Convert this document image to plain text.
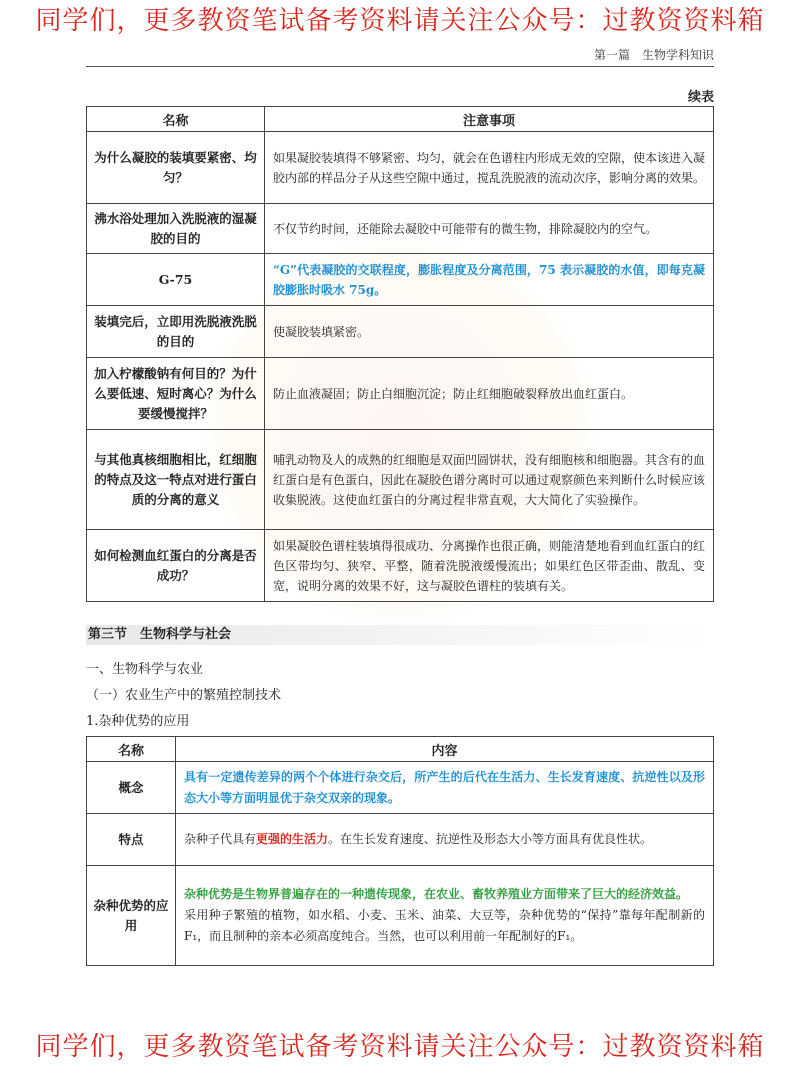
同学们，更多教资笔试备考资料请关注公众号：过教资资料箱
第一篇　生物学科知识
续表
名称	注意事项
为什么凝胶的装填要紧密、均匀？	如果凝胶装填得不够紧密、均匀，就会在色谱柱内形成无效的空隙，使本该进入凝胶内部的样品分子从这些空隙中通过，搅乱洗脱液的流动次序，影响分离的效果。
沸水浴处理加入洗脱液的湿凝胶的目的	不仅节约时间，还能除去凝胶中可能带有的微生物，排除凝胶内的空气。
G-75	“G”代表凝胶的交联程度，膨胀程度及分离范围，75 表示凝胶的水值，即每克凝胶膨胀时吸水 75g。
装填完后，立即用洗脱液洗脱的目的	使凝胶装填紧密。
加入柠檬酸钠有何目的？为什么要低速、短时离心？为什么要缓慢搅拌？	防止血液凝固；防止白细胞沉淀；防止红细胞破裂释放出血红蛋白。
与其他真核细胞相比，红细胞的特点及这一特点对进行蛋白质的分离的意义	哺乳动物及人的成熟的红细胞是双面凹圆饼状，没有细胞核和细胞器。其含有的血红蛋白是有色蛋白，因此在凝胶色谱分离时可以通过观察颜色来判断什么时候应该收集脱液。这使血红蛋白的分离过程非常直观，大大简化了实验操作。
如何检测血红蛋白的分离是否成功？	如果凝胶色谱柱装填得很成功、分离操作也很正确，则能清楚地看到血红蛋白的红色区带均匀、狭窄、平整，随着洗脱液缓慢流出；如果红色区带歪曲、散乱、变宽，说明分离的效果不好，这与凝胶色谱柱的装填有关。
第三节　生物科学与社会
一、生物科学与农业
（一）农业生产中的繁殖控制技术
1.杂种优势的应用
名称	内容
概念	具有一定遗传差异的两个个体进行杂交后，所产生的后代在生活力、生长发育速度、抗逆性以及形态大小等方面明显优于杂交双亲的现象。
特点	杂种子代具有更强的生活力。在生长发育速度、抗逆性及形态大小等方面具有优良性状。
杂种优势的应用	杂种优势是生物界普遍存在的一种遗传现象，在农业、畜牧养殖业方面带来了巨大的经济效益。
采用种子繁殖的植物，如水稻、小麦、玉米、油菜、大豆等，杂种优势的“保持”靠每年配制新的F₁，而且制种的亲本必须高度纯合。当然，也可以利用前一年配制好的F₁。
同学们，更多教资笔试备考资料请关注公众号：过教资资料箱
